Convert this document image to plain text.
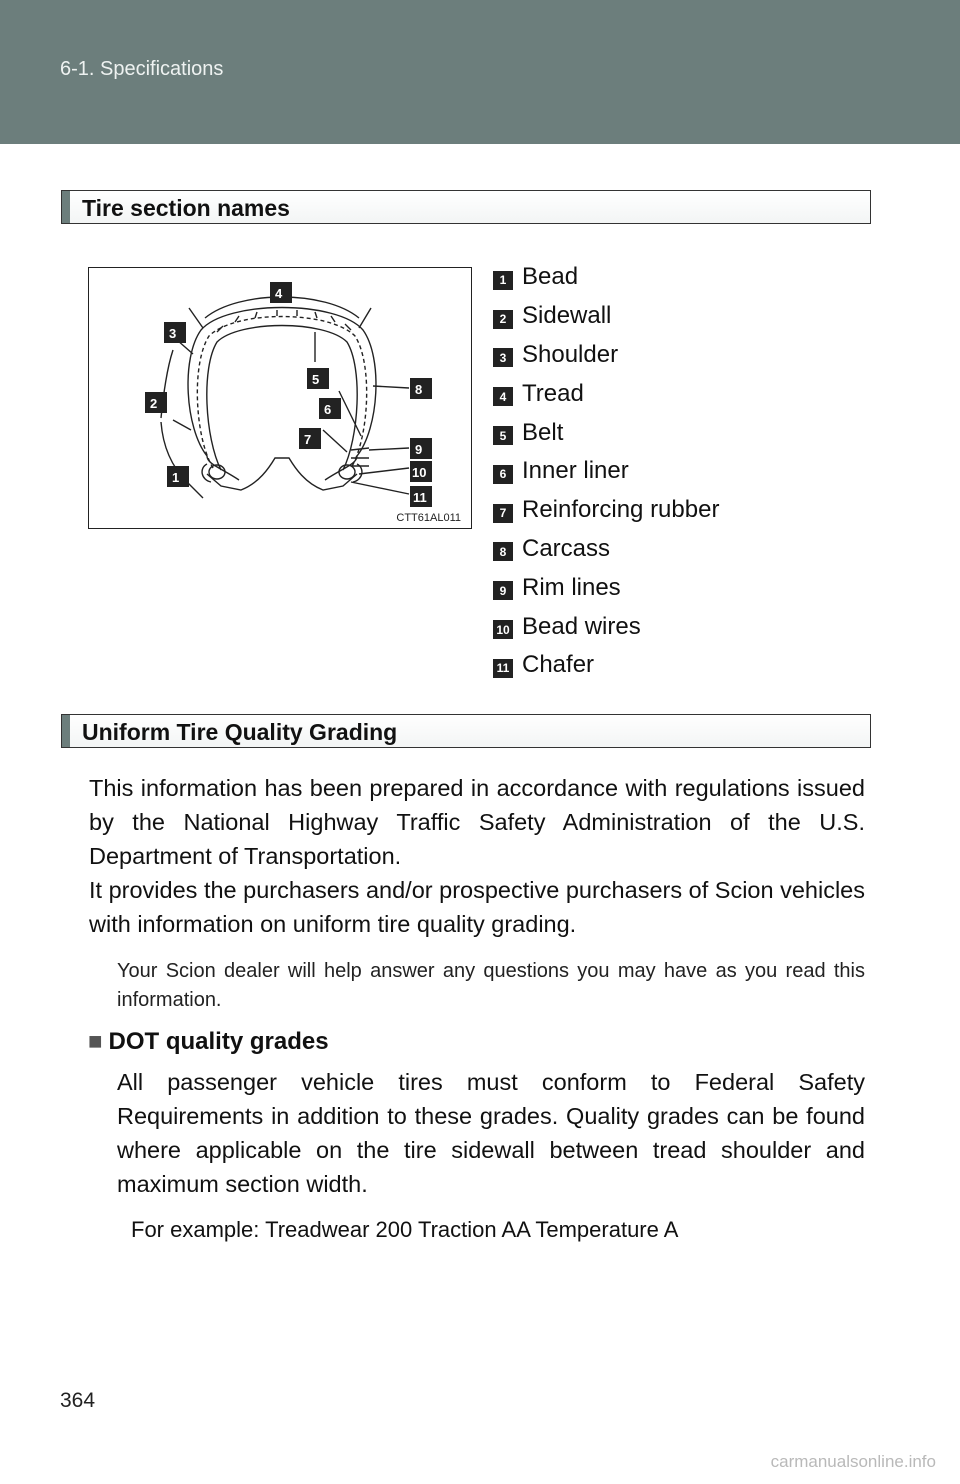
6-1. Specifications
Tire section names
4
3
5
8
2	6
7
9
10
1
11
CTT61AL011
1 Bead
2 Sidewall
3 Shoulder
4 Tread
5 Belt
6 Inner liner
7 Reinforcing rubber
8 Carcass
9 Rim lines
10 Bead wires
11 Chafer
Uniform Tire Quality Grading

This information has been prepared in accordance with regulations issued by the National Highway Traffic Safety Administration of the U.S. Department of Transportation.

It provides the purchasers and/or prospective purchasers of Scion vehicles with information on uniform tire quality grading.

Your Scion dealer will help answer any questions you may have as you read this information.

■ DOT quality grades

All passenger vehicle tires must conform to Federal Safety Requirements in addition to these grades. Quality grades can be found where applicable on the tire sidewall between tread shoulder and maximum section width.

For example: Treadwear 200 Traction AA Temperature A
364
carmanualsonline.info
